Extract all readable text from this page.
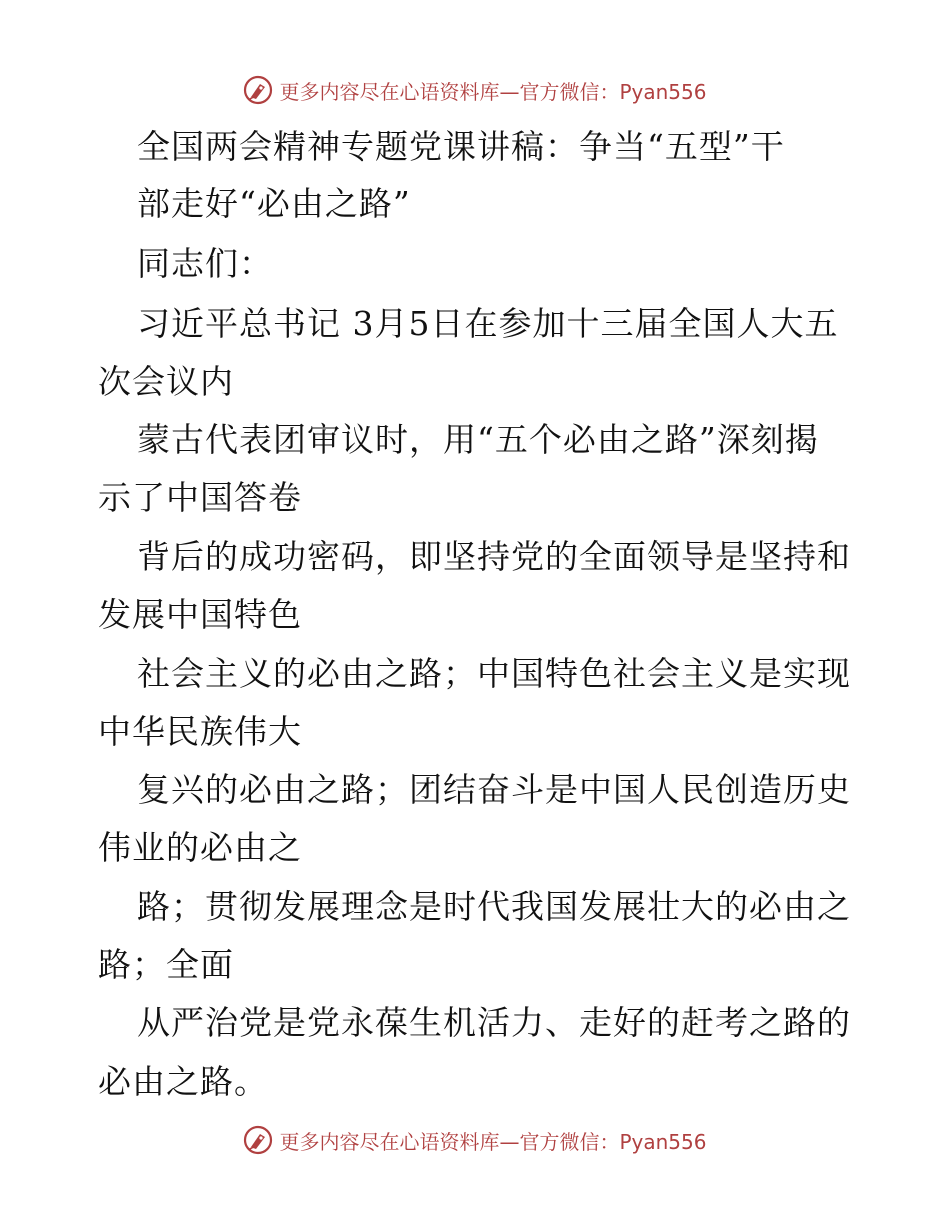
更多内容尽在心语资料库—官方微信：Pyan556
全国两会精神专题党课讲稿：争当“五型”干
部走好“必由之路”
同志们：
习近平总书记 3月5日在参加十三届全国人大五
次会议内
蒙古代表团审议时，用“五个必由之路”深刻揭
示了中国答卷
背后的成功密码，即坚持党的全面领导是坚持和
发展中国特色
社会主义的必由之路；中国特色社会主义是实现
中华民族伟大
复兴的必由之路；团结奋斗是中国人民创造历史
伟业的必由之
路；贯彻发展理念是时代我国发展壮大的必由之
路；全面
从严治党是党永葆生机活力、走好的赶考之路的
必由之路。
更多内容尽在心语资料库—官方微信：Pyan556
